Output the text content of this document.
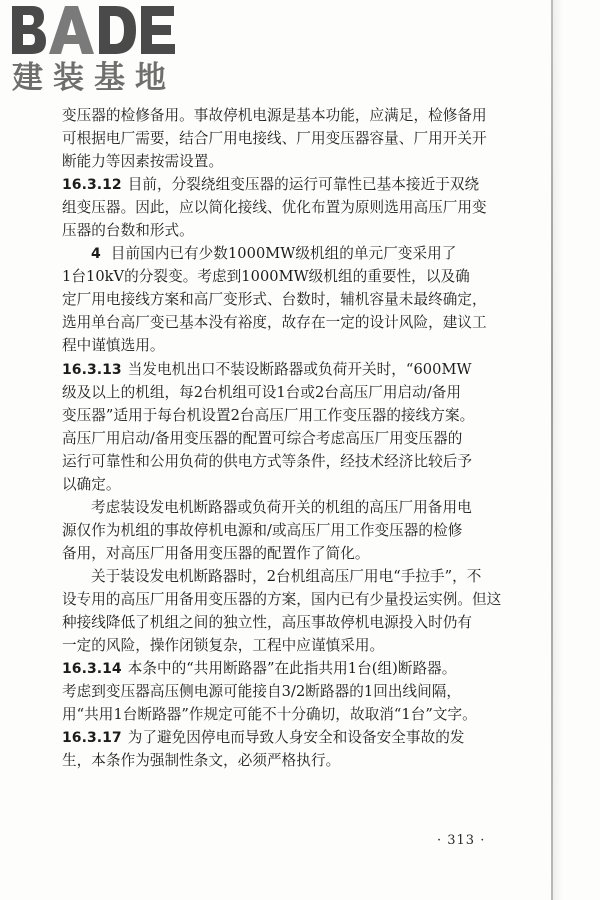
建装基地
变压器的检修备用。事故停机电源是基本功能，应满足，检修备用
可根据电厂需要，结合厂用电接线、厂用变压器容量、厂用开关开
断能力等因素按需设置。
16.3.12 目前，分裂绕组变压器的运行可靠性已基本接近于双绕
组变压器。因此，应以简化接线、优化布置为原则选用高压厂用变
压器的台数和形式。
4 目前国内已有少数1000MW级机组的单元厂变采用了
1台10kV的分裂变。考虑到1000MW级机组的重要性，以及确
定厂用电接线方案和高厂变形式、台数时，辅机容量未最终确定，
选用单台高厂变已基本没有裕度，故存在一定的设计风险，建议工
程中谨慎选用。
16.3.13 当发电机出口不装设断路器或负荷开关时，“600MW
级及以上的机组，每2台机组可设1台或2台高压厂用启动/备用
变压器”适用于每台机设置2台高压厂用工作变压器的接线方案。
高压厂用启动/备用变压器的配置可综合考虑高压厂用变压器的
运行可靠性和公用负荷的供电方式等条件，经技术经济比较后予
以确定。
考虑装设发电机断路器或负荷开关的机组的高压厂用备用电
源仅作为机组的事故停机电源和/或高压厂用工作变压器的检修
备用，对高压厂用备用变压器的配置作了简化。
关于装设发电机断路器时，2台机组高压厂用电“手拉手”，不
设专用的高压厂用备用变压器的方案，国内已有少量投运实例。但这
种接线降低了机组之间的独立性，高压事故停机电源投入时仍有
一定的风险，操作闭锁复杂，工程中应谨慎采用。
16.3.14 本条中的“共用断路器”在此指共用1台(组)断路器。
考虑到变压器高压侧电源可能接自3/2断路器的1回出线间隔，
用“共用1台断路器”作规定可能不十分确切，故取消“1台”文字。
16.3.17 为了避免因停电而导致人身安全和设备安全事故的发
生，本条作为强制性条文，必须严格执行。
· 313 ·
